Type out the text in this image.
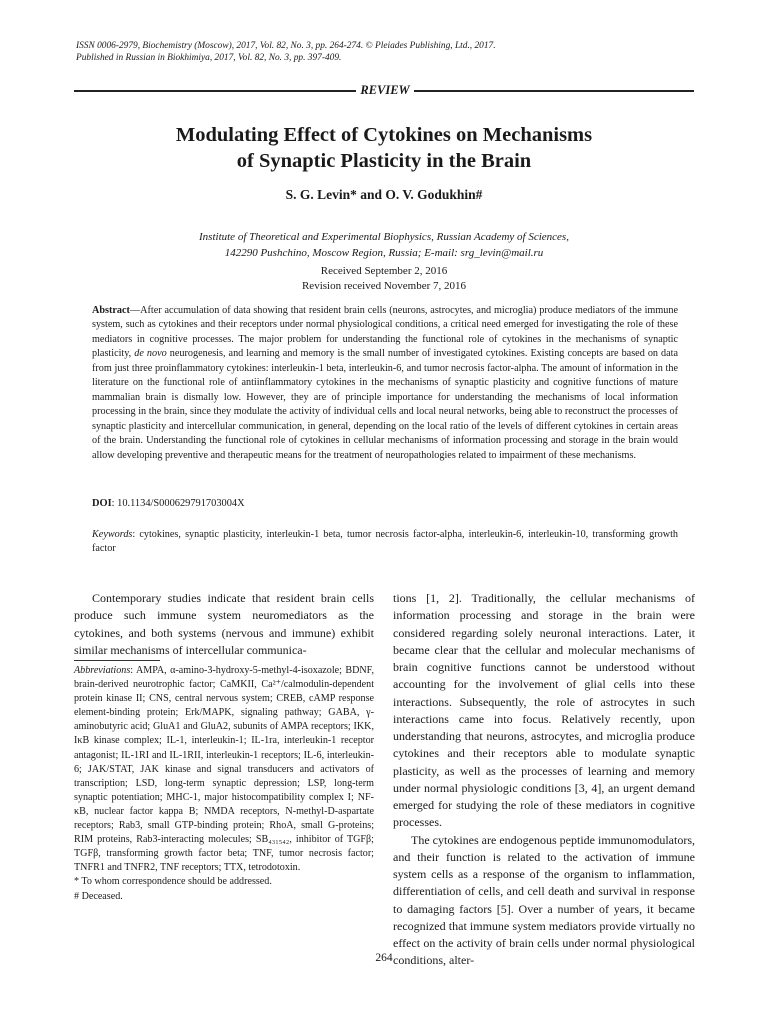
ISSN 0006-2979, Biochemistry (Moscow), 2017, Vol. 82, No. 3, pp. 264-274. © Pleiades Publishing, Ltd., 2017.
Published in Russian in Biokhimiya, 2017, Vol. 82, No. 3, pp. 397-409.
REVIEW
Modulating Effect of Cytokines on Mechanisms
of Synaptic Plasticity in the Brain
S. G. Levin* and O. V. Godukhin#
Institute of Theoretical and Experimental Biophysics, Russian Academy of Sciences,
142290 Pushchino, Moscow Region, Russia; E-mail: srg_levin@mail.ru
Received September 2, 2016
Revision received November 7, 2016
Abstract—After accumulation of data showing that resident brain cells (neurons, astrocytes, and microglia) produce mediators of the immune system, such as cytokines and their receptors under normal physiological conditions, a critical need emerged for investigating the role of these mediators in cognitive processes. The major problem for understanding the functional role of cytokines in the mechanisms of synaptic plasticity, de novo neurogenesis, and learning and memory is the small number of investigated cytokines. Existing concepts are based on data from just three proinflammatory cytokines: interleukin-1 beta, interleukin-6, and tumor necrosis factor-alpha. The amount of information in the literature on the functional role of antiinflammatory cytokines in the mechanisms of synaptic plasticity and cognitive functions of mature mammalian brain is dismally low. However, they are of principle importance for understanding the mechanisms of local information processing in the brain, since they modulate the activity of individual cells and local neural networks, being able to reconstruct the processes of synaptic plasticity and intercellular communication, in general, depending on the local ratio of the levels of different cytokines in certain areas of the brain. Understanding the functional role of cytokines in cellular mechanisms of information processing and storage in the brain would allow developing preventive and therapeutic means for the treatment of neuropathologies related to impairment of these mechanisms.
DOI: 10.1134/S000629791703004X
Keywords: cytokines, synaptic plasticity, interleukin-1 beta, tumor necrosis factor-alpha, interleukin-6, interleukin-10, transforming growth factor

Contemporary studies indicate that resident brain cells produce such immune system neuromediators as the cytokines, and both systems (nervous and immune) exhibit similar mechanisms of intercellular communica-

Abbreviations: AMPA, α-amino-3-hydroxy-5-methyl-4-isoxazole; BDNF, brain-derived neurotrophic factor; CaMKII, Ca²⁺/calmodulin-dependent protein kinase II; CNS, central nervous system; CREB, cAMP response element-binding protein; Erk/MAPK, signaling pathway; GABA, γ-aminobutyric acid; GluA1 and GluA2, subunits of AMPA receptors; IKK, IκB kinase complex; IL-1, interleukin-1; IL-1ra, interleukin-1 receptor antagonist; IL-1RI and IL-1RII, interleukin-1 receptors; IL-6, interleukin-6; JAK/STAT, JAK kinase and signal transducers and activators of transcription; LSD, long-term synaptic depression; LSP, long-term synaptic potentiation; MHC-1, major histocompatibility complex I; NF-κB, nuclear factor kappa B; NMDA receptors, N-methyl-D-aspartate receptors; Rab3, small GTP-binding protein; RhoA, small G-proteins; RIM proteins, Rab3-interacting molecules; SB₄₃₁₅₄₂, inhibitor of TGFβ; TGFβ, transforming growth factor beta; TNF, tumor necrosis factor; TNFR1 and TNFR2, TNF receptors; TTX, tetrodotoxin.
* To whom correspondence should be addressed.
# Deceased.

tions [1, 2]. Traditionally, the cellular mechanisms of information processing and storage in the brain were considered regarding solely neuronal interactions. Later, it became clear that the cellular and molecular mechanisms of brain cognitive functions cannot be understood without accounting for the involvement of glial cells into these interactions. Subsequently, the role of astrocytes in such interactions came into focus. Relatively recently, upon understanding that neurons, astrocytes, and microglia produce cytokines and their receptors able to modulate synaptic plasticity, as well as the processes of learning and memory under normal physiologic conditions [3, 4], an urgent demand emerged for studying the role of these mediators in cognitive processes.

The cytokines are endogenous peptide immunomodulators, and their function is related to the activation of immune system cells as a response of the organism to inflammation, differentiation of cells, and cell death and survival in response to damaging factors [5]. Over a number of years, it became recognized that immune system mediators provide virtually no effect on the activity of brain cells under normal physiological conditions, alter-

264
